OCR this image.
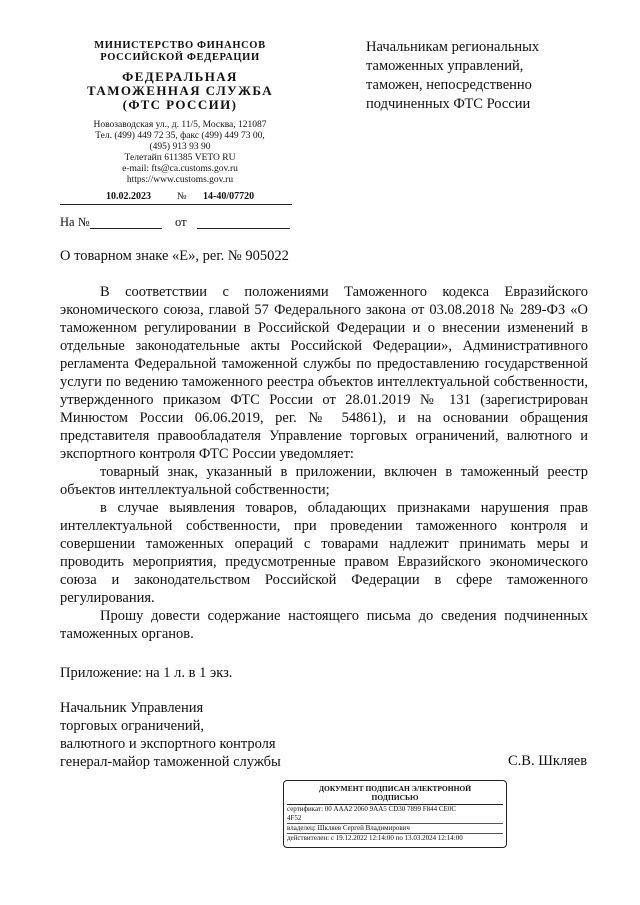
МИНИСТЕРСТВО ФИНАНСОВ
РОССИЙСКОЙ ФЕДЕРАЦИИ
ФЕДЕРАЛЬНАЯ
ТАМОЖЕННАЯ СЛУЖБА
(ФТС РОССИИ)
Новозаводская ул., д. 11/5, Москва, 121087
Тел. (499) 449 72 35, факс (499) 449 73 00,
(495) 913 93 90
Телетайп 611385 VETO RU
e-mail: fts@ca.customs.gov.ru
https://www.customs.gov.ru
10.02.2023	№ 14-40/07720
На №	от
Начальникам региональных
таможенных управлений,
таможен, непосредственно
подчиненных ФТС России
О товарном знаке «Е», рег. № 905022

В соответствии с положениями Таможенного кодекса Евразийского экономического союза, главой 57 Федерального закона от 03.08.2018 № 289-ФЗ «О таможенном регулировании в Российской Федерации и о внесении изменений в отдельные законодательные акты Российской Федерации», Административного регламента Федеральной таможенной службы по предоставлению государственной услуги по ведению таможенного реестра объектов интеллектуальной собственности, утвержденного приказом ФТС России от 28.01.2019 № 131 (зарегистрирован Минюстом России 06.06.2019, рег. № 54861), и на основании обращения представителя правообладателя Управление торговых ограничений, валютного и экспортного контроля ФТС России уведомляет:

товарный знак, указанный в приложении, включен в таможенный реестр объектов интеллектуальной собственности;

в случае выявления товаров, обладающих признаками нарушения прав интеллектуальной собственности, при проведении таможенного контроля и совершении таможенных операций с товарами надлежит принимать меры и проводить мероприятия, предусмотренные правом Евразийского экономического союза и законодательством Российской Федерации в сфере таможенного регулирования.

Прошу довести содержание настоящего письма до сведения подчиненных таможенных органов.

Приложение: на 1 л. в 1 экз.
Начальник Управления
торговых ограничений,
валютного и экспортного контроля
генерал-майор таможенной службы	С.В. Шкляев
ДОКУМЕНТ ПОДПИСАН ЭЛЕКТРОННОЙ
ПОДПИСЬЮ
сертификат: 00 AAA2 2060 9AA5 CD30 7899 F844 CE0C
4F52
владелец: Шкляев Сергей Владимирович
действителен: с 19.12.2022 12:14:00 по 13.03.2024 12:14:00
